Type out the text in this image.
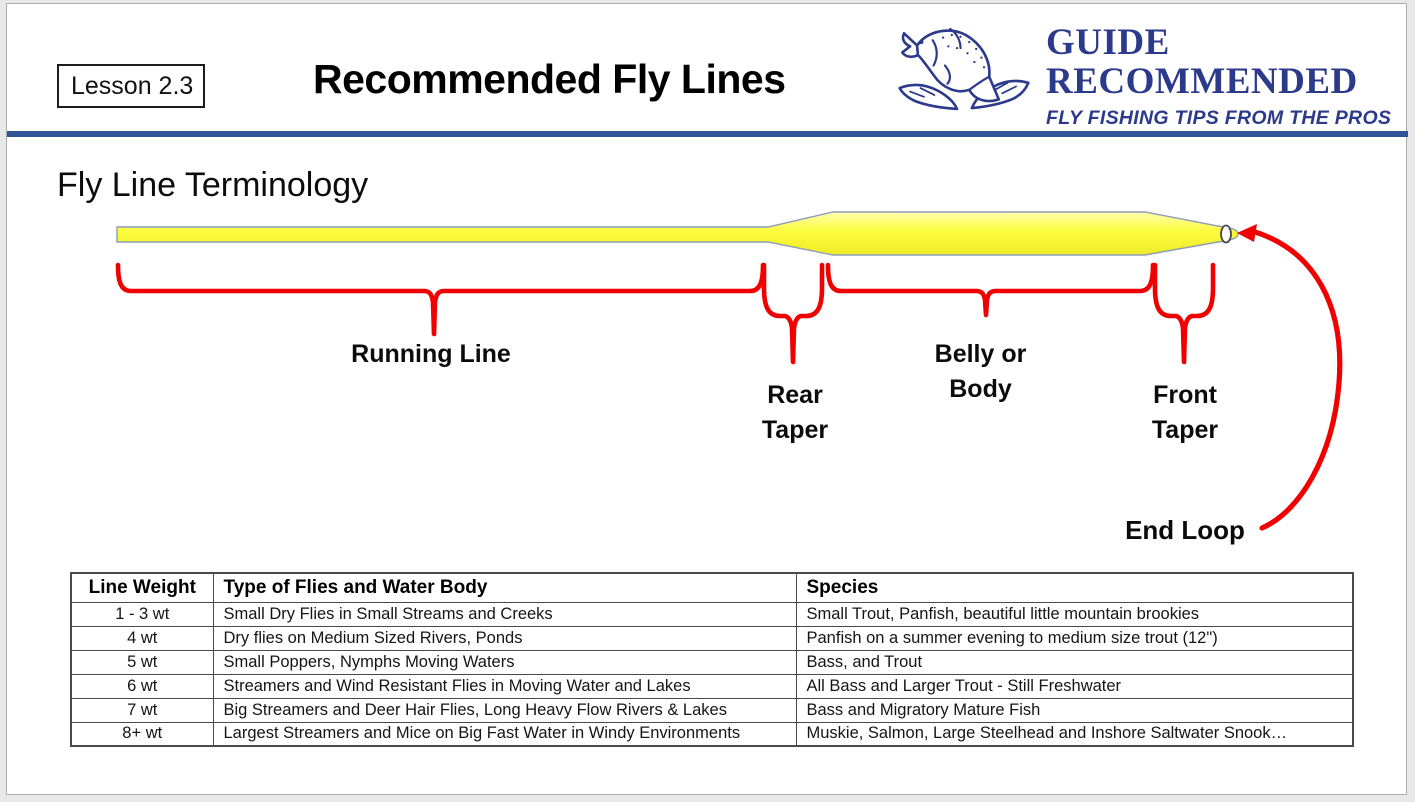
Lesson 2.3	Recommended Fly Lines
GUIDE
RECOMMENDED
FLY FISHING TIPS FROM THE PROS
Fly Line Terminology
Running Line
Rear
Taper
Belly or
Body	Front
Taper
End Loop
Line Weight	Type of Flies and Water Body	Species
1 - 3 wt	Small Dry Flies in Small Streams and Creeks	Small Trout, Panfish, beautiful little mountain brookies
4 wt	Dry flies on Medium Sized Rivers, Ponds	Panfish on a summer evening to medium size trout (12")
5 wt	Small Poppers, Nymphs Moving Waters	Bass, and Trout
6 wt	Streamers and Wind Resistant Flies in Moving Water and Lakes	All Bass and Larger Trout - Still Freshwater
7 wt	Big Streamers and Deer Hair Flies, Long Heavy Flow Rivers & Lakes	Bass and Migratory Mature Fish
8+ wt	Largest Streamers and Mice on Big Fast Water in Windy Environments	Muskie, Salmon, Large Steelhead and Inshore Saltwater Snook…
